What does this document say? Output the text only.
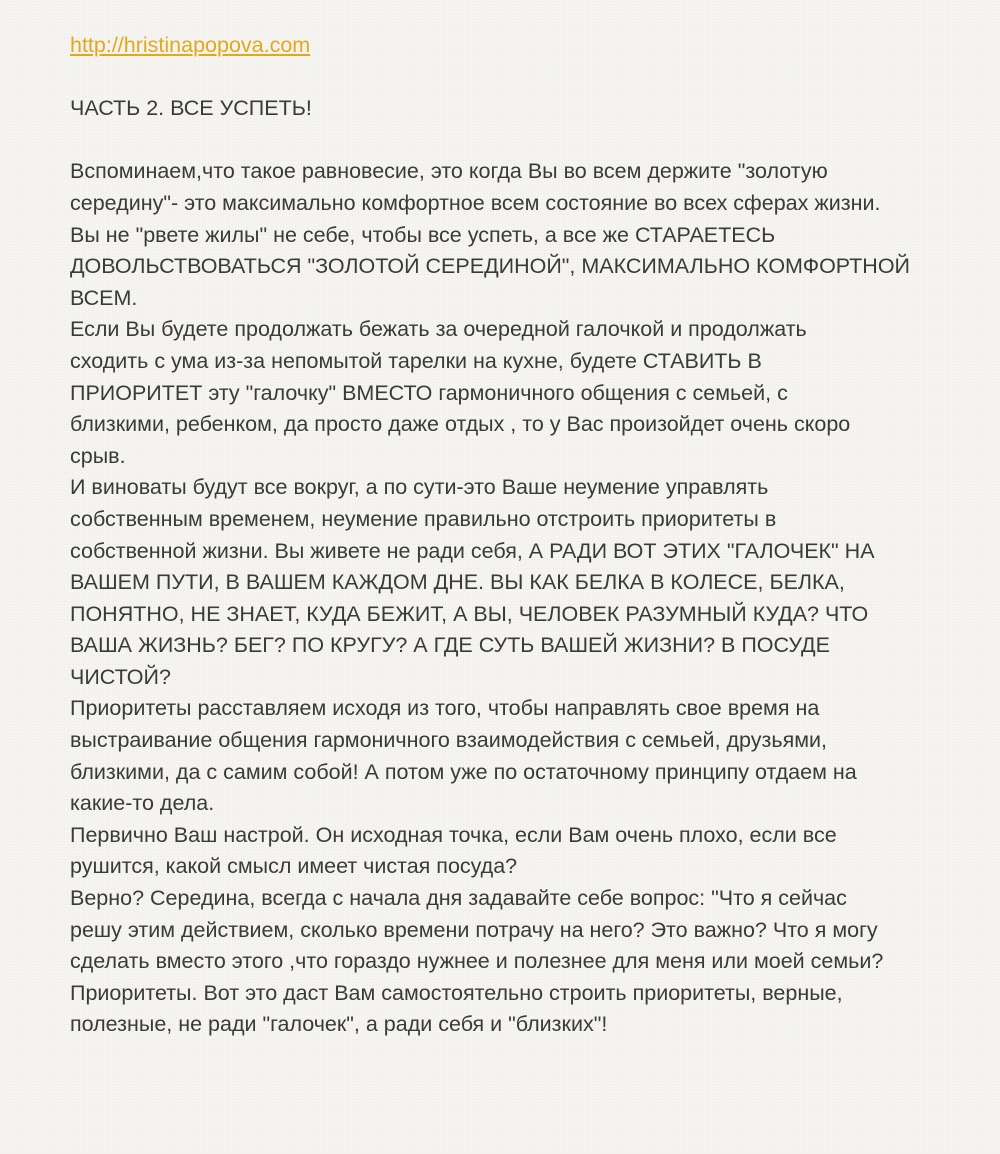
http://hristinapopova.com
ЧАСТЬ 2. ВСЕ УСПЕТЬ!
Вспоминаем,что такое равновесие, это когда Вы во всем держите "золотую
середину"- это максимально комфортное всем состояние во всех сферах жизни.
Вы не "рвете жилы" не себе, чтобы все успеть, а все же СТАРАЕТЕСЬ
ДОВОЛЬСТВОВАТЬСЯ "ЗОЛОТОЙ СЕРЕДИНОЙ", МАКСИМАЛЬНО КОМФОРТНОЙ
ВСЕМ.
Если Вы будете продолжать бежать за очередной галочкой и продолжать
сходить с ума из-за непомытой тарелки на кухне, будете СТАВИТЬ В
ПРИОРИТЕТ эту "галочку" ВМЕСТО гармоничного общения с семьей, с
близкими, ребенком, да просто даже отдых , то у Вас произойдет очень скоро
срыв.
И виноваты будут все вокруг, а по сути-это Ваше неумение управлять
собственным временем, неумение правильно отстроить приоритеты в
собственной жизни. Вы живете не ради себя, А РАДИ ВОТ ЭТИХ "ГАЛОЧЕК" НА
ВАШЕМ ПУТИ, В ВАШЕМ КАЖДОМ ДНЕ. ВЫ КАК БЕЛКА В КОЛЕСЕ, БЕЛКА,
ПОНЯТНО, НЕ ЗНАЕТ, КУДА БЕЖИТ, А ВЫ, ЧЕЛОВЕК РАЗУМНЫЙ КУДА? ЧТО
ВАША ЖИЗНЬ? БЕГ? ПО КРУГУ? А ГДЕ СУТЬ ВАШЕЙ ЖИЗНИ? В ПОСУДЕ
ЧИСТОЙ?
Приоритеты расставляем исходя из того, чтобы направлять свое время на
выстраивание общения гармоничного взаимодействия с семьей, друзьями,
близкими, да с самим собой! А потом уже по остаточному принципу отдаем на
какие-то дела.
Первично Ваш настрой. Он исходная точка, если Вам очень плохо, если все
рушится, какой смысл имеет чистая посуда?
Верно? Середина, всегда с начала дня задавайте себе вопрос: "Что я сейчас
решу этим действием, сколько времени потрачу на него? Это важно? Что я могу
сделать вместо этого ,что гораздо нужнее и полезнее для меня или моей семьи?
Приоритеты. Вот это даст Вам самостоятельно строить приоритеты, верные,
полезные, не ради "галочек", а ради себя и "близких"!
